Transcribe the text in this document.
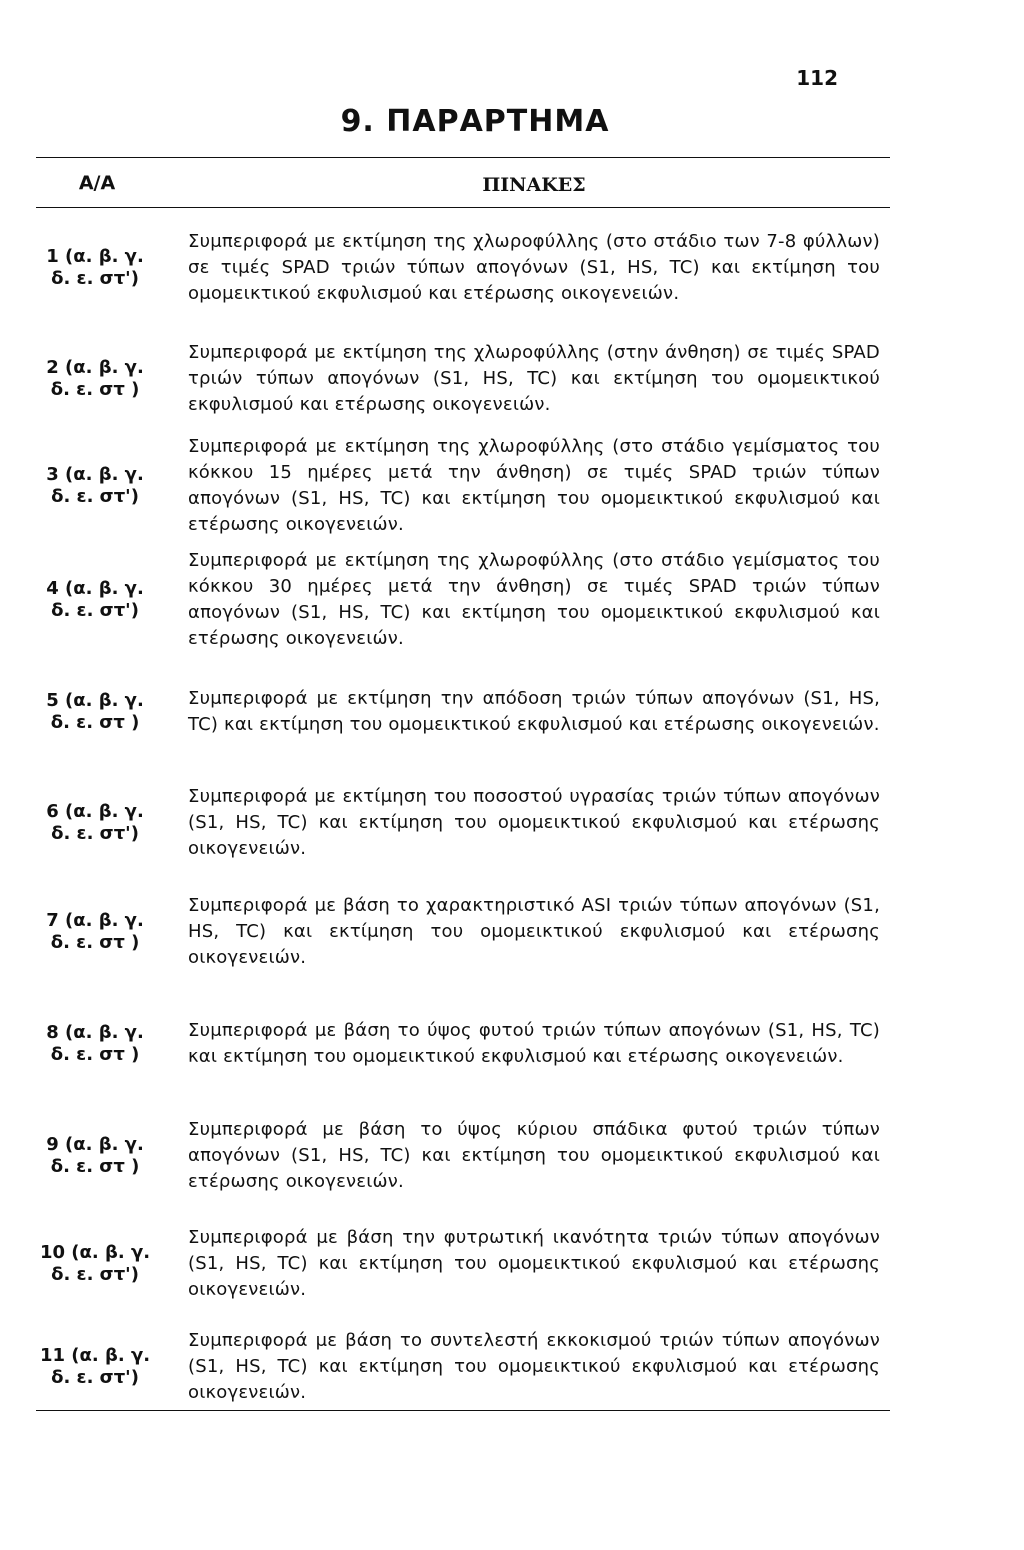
112
9. ΠΑΡΑΡΤΗΜΑ
Α/Α	ΠΙΝΑΚΕΣ
1 (α. β. γ.
δ. ε. στ')
Συμπεριφορά με εκτίμηση της χλωροφύλλης (στο στάδιο των 7-8 φύλλων) σε τιμές SPAD τριών τύπων απογόνων (S1, HS, TC) και εκτίμηση του ομομεικτικού εκφυλισμού και ετέρωσης οικογενειών.
2 (α. β. γ.
δ. ε. στ )
Συμπεριφορά με εκτίμηση της χλωροφύλλης (στην άνθηση) σε τιμές SPAD τριών τύπων απογόνων (S1, HS, TC) και εκτίμηση του ομομεικτικού εκφυλισμού και ετέρωσης οικογενειών.
3 (α. β. γ.
δ. ε. στ')
Συμπεριφορά με εκτίμηση της χλωροφύλλης (στο στάδιο γεμίσματος του κόκκου 15 ημέρες μετά την άνθηση) σε τιμές SPAD τριών τύπων απογόνων (S1, HS, TC) και εκτίμηση του ομομεικτικού εκφυλισμού και ετέρωσης οικογενειών.
4 (α. β. γ.
δ. ε. στ')
Συμπεριφορά με εκτίμηση της χλωροφύλλης (στο στάδιο γεμίσματος του κόκκου 30 ημέρες μετά την άνθηση) σε τιμές SPAD τριών τύπων απογόνων (S1, HS, TC) και εκτίμηση του ομομεικτικού εκφυλισμού και ετέρωσης οικογενειών.
5 (α. β. γ.
δ. ε. στ )
Συμπεριφορά με εκτίμηση την απόδοση τριών τύπων απογόνων (S1, HS, TC) και εκτίμηση του ομομεικτικού εκφυλισμού και ετέρωσης οικογενειών.
6 (α. β. γ.
δ. ε. στ')
Συμπεριφορά με εκτίμηση του ποσοστού υγρασίας τριών τύπων απογόνων (S1, HS, TC) και εκτίμηση του ομομεικτικού εκφυλισμού και ετέρωσης οικογενειών.
7 (α. β. γ.
δ. ε. στ )
Συμπεριφορά με βάση το χαρακτηριστικό ASI τριών τύπων απογόνων (S1, HS, TC) και εκτίμηση του ομομεικτικού εκφυλισμού και ετέρωσης οικογενειών.
8 (α. β. γ.
δ. ε. στ )
Συμπεριφορά με βάση το ύψος φυτού τριών τύπων απογόνων (S1, HS, TC) και εκτίμηση του ομομεικτικού εκφυλισμού και ετέρωσης οικογενειών.
9 (α. β. γ.
δ. ε. στ )
Συμπεριφορά με βάση το ύψος κύριου σπάδικα φυτού τριών τύπων απογόνων (S1, HS, TC) και εκτίμηση του ομομεικτικού εκφυλισμού και ετέρωσης οικογενειών.
10 (α. β. γ.
δ. ε. στ')
Συμπεριφορά με βάση την φυτρωτική ικανότητα τριών τύπων απογόνων (S1, HS, TC) και εκτίμηση του ομομεικτικού εκφυλισμού και ετέρωσης οικογενειών.
11 (α. β. γ.
δ. ε. στ')
Συμπεριφορά με βάση το συντελεστή εκκοκισμού τριών τύπων απογόνων (S1, HS, TC) και εκτίμηση του ομομεικτικού εκφυλισμού και ετέρωσης οικογενειών.
